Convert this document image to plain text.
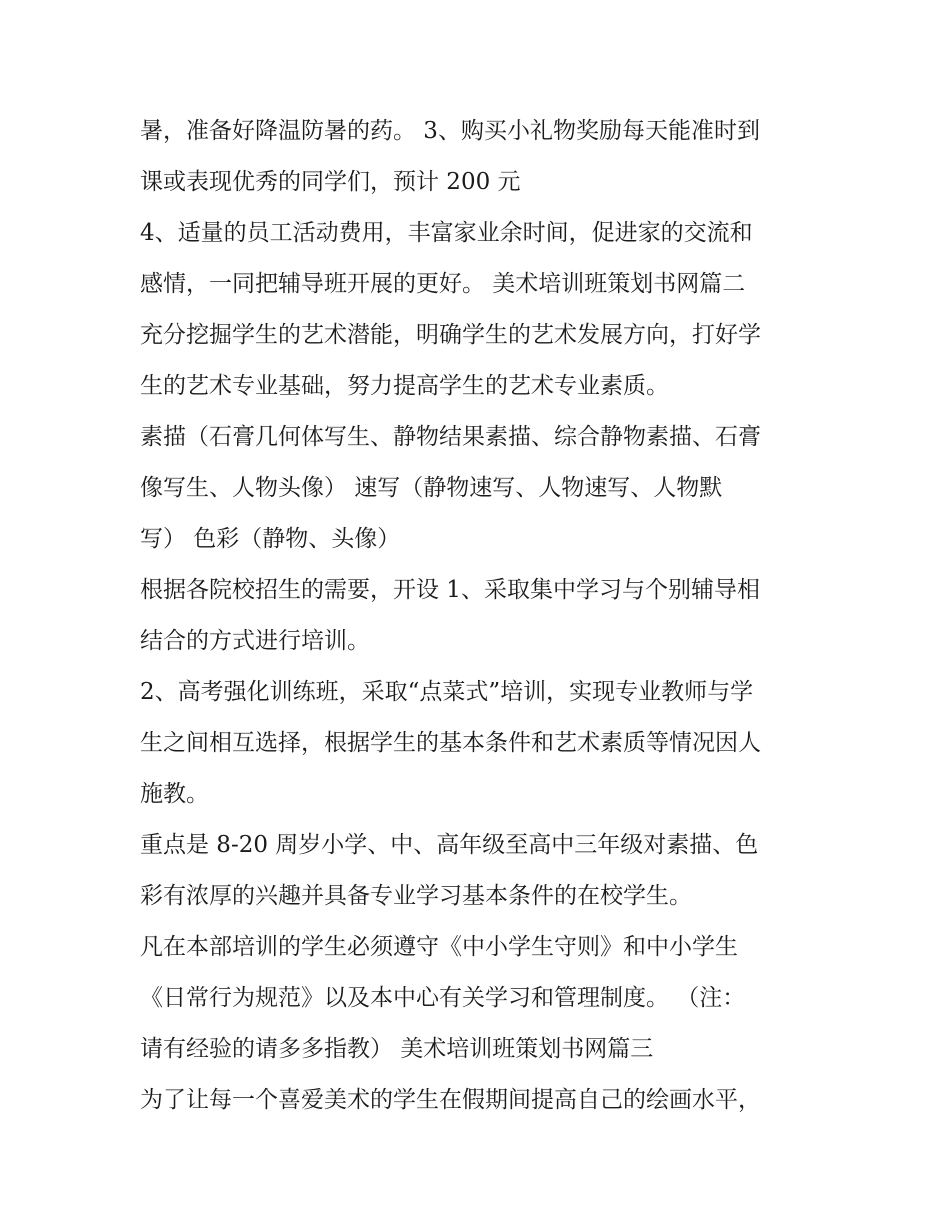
暑，准备好降温防暑的药。 3、购买小礼物奖励每天能准时到
课或表现优秀的同学们，预计 200 元
4、适量的员工活动费用，丰富家业余时间，促进家的交流和
感情，一同把辅导班开展的更好。 美术培训班策划书网篇二
充分挖掘学生的艺术潜能，明确学生的艺术发展方向，打好学
生的艺术专业基础，努力提高学生的艺术专业素质。
素描（石膏几何体写生、静物结果素描、综合静物素描、石膏
像写生、人物头像） 速写（静物速写、人物速写、人物默
写） 色彩（静物、头像）
根据各院校招生的需要，开设 1、采取集中学习与个别辅导相
结合的方式进行培训。
2、高考强化训练班，采取“点菜式”培训，实现专业教师与学
生之间相互选择，根据学生的基本条件和艺术素质等情况因人
施教。
重点是 8-20 周岁小学、中、高年级至高中三年级对素描、色
彩有浓厚的兴趣并具备专业学习基本条件的在校学生。
凡在本部培训的学生必须遵守《中小学生守则》和中小学生
《日常行为规范》以及本中心有关学习和管理制度。 （注：
请有经验的请多多指教） 美术培训班策划书网篇三
为了让每一个喜爱美术的学生在假期间提高自己的绘画水平，
